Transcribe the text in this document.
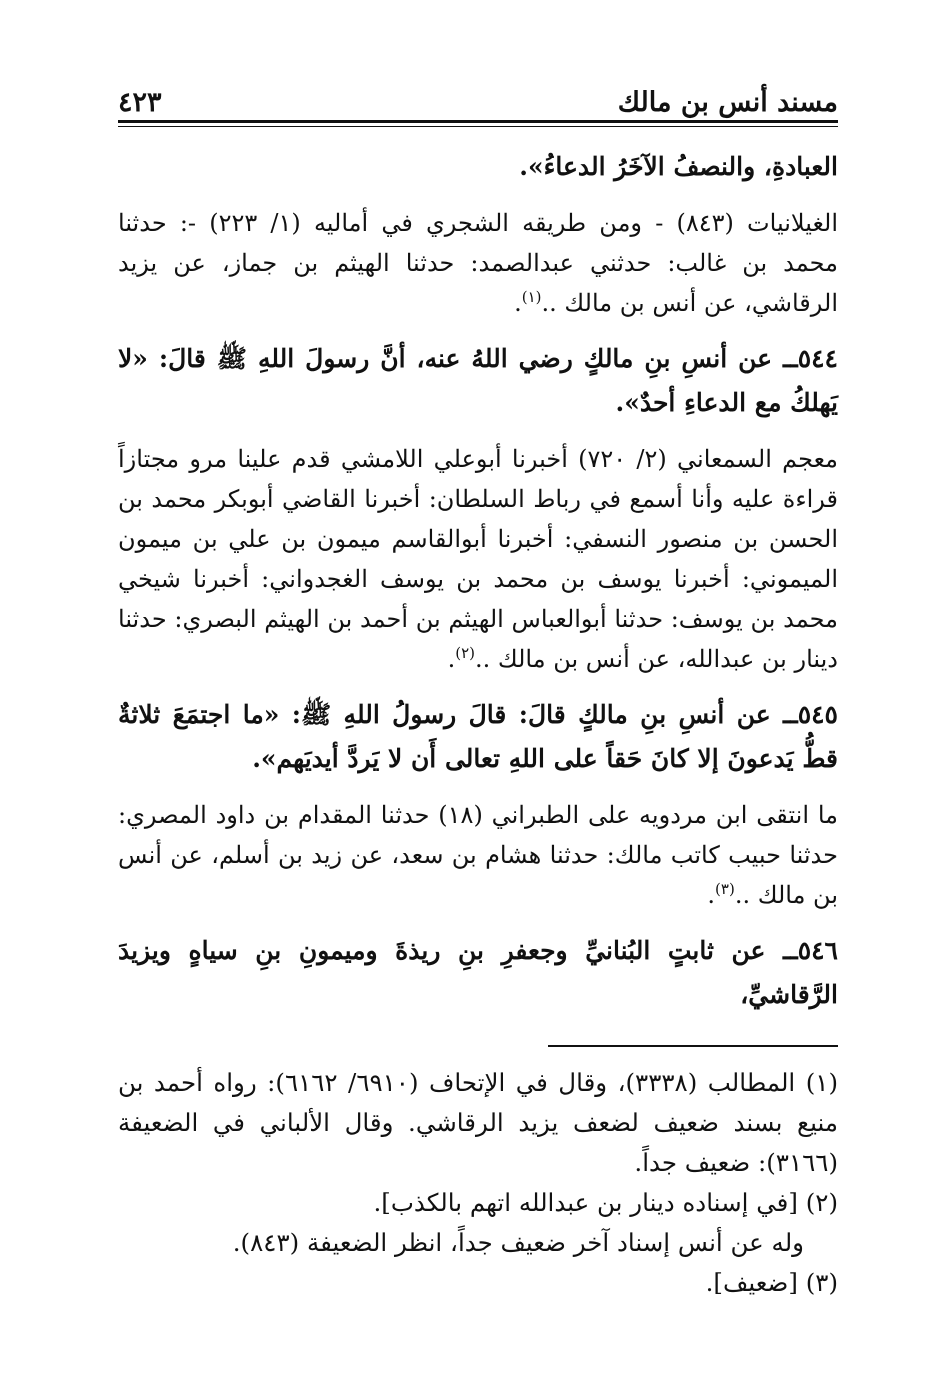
مسند أنس بن مالك
٤٢٣

العبادةِ، والنصفُ الآخَرُ الدعاءُ».

الغيلانيات (٨٤٣) - ومن طريقه الشجري في أماليه (١/ ٢٢٣) -: حدثنا محمد بن غالب: حدثني عبدالصمد: حدثنا الهيثم بن جماز، عن يزيد الرقاشي، عن أنس بن مالك ..$^{(١)}$.

٥٤٤ــ عن أنسِ بنِ مالكٍ رضي اللهُ عنه، أنَّ رسولَ اللهِ ﷺ قالَ: «لا يَهلكُ مع الدعاءِ أحدٌ».

معجم السمعاني (٢/ ٧٢٠) أخبرنا أبوعلي اللامشي قدم علينا مرو مجتازاً قراءة عليه وأنا أسمع في رباط السلطان: أخبرنا القاضي أبوبكر محمد بن الحسن بن منصور النسفي: أخبرنا أبوالقاسم ميمون بن علي بن ميمون الميموني: أخبرنا يوسف بن محمد بن يوسف الغجدواني: أخبرنا شيخي محمد بن يوسف: حدثنا أبوالعباس الهيثم بن أحمد بن الهيثم البصري: حدثنا دينار بن عبدالله، عن أنس بن مالك ..$^{(٢)}$.

٥٤٥ــ عن أنسِ بنِ مالكٍ قالَ: قالَ رسولُ اللهِ ﷺ: «ما اجتمَعَ ثلاثةٌ قطُّ يَدعونَ إلا كانَ حَقاً على اللهِ تعالى أَن لا يَردَّ أيديَهم».

ما انتقى ابن مردويه على الطبراني (١٨) حدثنا المقدام بن داود المصري: حدثنا حبيب كاتب مالك: حدثنا هشام بن سعد، عن زيد بن أسلم، عن أنس بن مالك ..$^{(٣)}$.

٥٤٦ــ عن ثابتٍ البُنانيِّ وجعفرِ بنِ ريذةَ وميمونِ بنِ سياهٍ ويزيدَ الرَّقاشيِّ،

(١) المطالب (٣٣٣٨)، وقال في الإتحاف (٦٩١٠/ ٦١٦٢): رواه أحمد بن منيع بسند ضعيف لضعف يزيد الرقاشي. وقال الألباني في الضعيفة (٣١٦٦): ضعيف جداً.

(٢) [في إسناده دينار بن عبدالله اتهم بالكذب].

وله عن أنس إسناد آخر ضعيف جداً، انظر الضعيفة (٨٤٣).

(٣) [ضعيف].
